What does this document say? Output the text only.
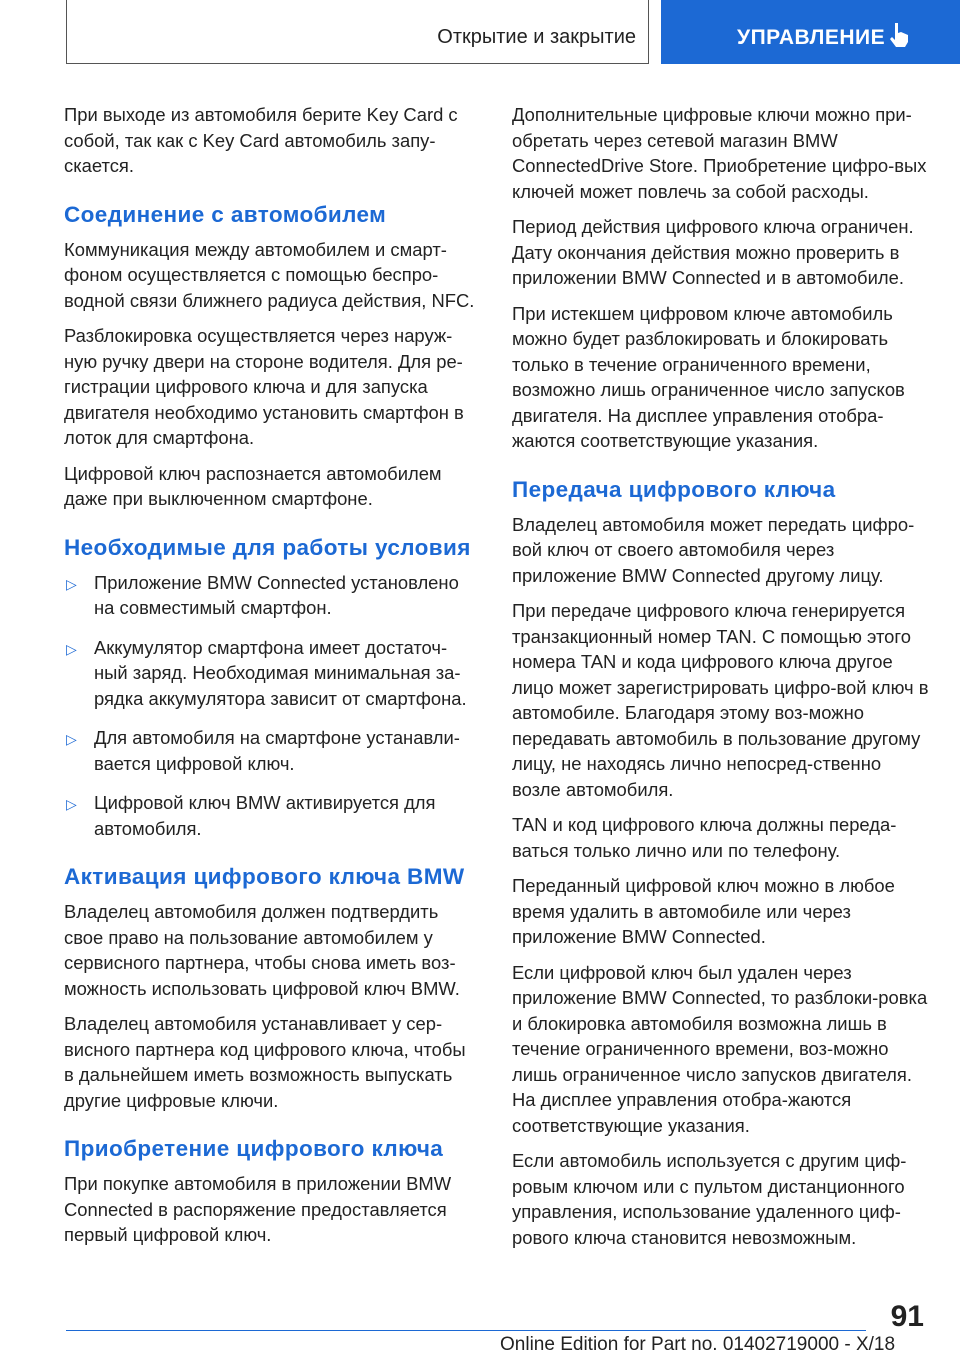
Открытие и закрытие	УПРАВЛЕНИЕ

При выходе из автомобиля берите Key Card с собой, так как с Key Card автомобиль запу-скается.

Соединение с автомобилем

Коммуникация между автомобилем и смарт-фоном осуществляется с помощью беспро-водной связи ближнего радиуса действия, NFC.

Разблокировка осуществляется через наруж-ную ручку двери на стороне водителя. Для ре-гистрации цифрового ключа и для запуска двигателя необходимо установить смартфон в лоток для смартфона.

Цифровой ключ распознается автомобилем даже при выключенном смартфоне.

Необходимые для работы условия
▷ Приложение BMW Connected установлено на совместимый смартфон.
▷ Аккумулятор смартфона имеет достаточ-ный заряд. Необходимая минимальная за-рядка аккумулятора зависит от смартфона.
▷ Для автомобиля на смартфоне устанавли-вается цифровой ключ.
▷ Цифровой ключ BMW активируется для автомобиля.
Активация цифрового ключа BMW

Владелец автомобиля должен подтвердить свое право на пользование автомобилем у сервисного партнера, чтобы снова иметь воз-можность использовать цифровой ключ BMW.

Владелец автомобиля устанавливает у сер-висного партнера код цифрового ключа, чтобы в дальнейшем иметь возможность выпускать другие цифровые ключи.

Приобретение цифрового ключа

При покупке автомобиля в приложении BMW Connected в распоряжение предоставляется первый цифровой ключ.

Дополнительные цифровые ключи можно при-обретать через сетевой магазин BMW ConnectedDrive Store. Приобретение цифро-вых ключей может повлечь за собой расходы.

Период действия цифрового ключа ограничен. Дату окончания действия можно проверить в приложении BMW Connected и в автомобиле.

При истекшем цифровом ключе автомобиль можно будет разблокировать и блокировать только в течение ограниченного времени, возможно лишь ограниченное число запусков двигателя. На дисплее управления отобра-жаются соответствующие указания.

Передача цифрового ключа

Владелец автомобиля может передать цифро-вой ключ от своего автомобиля через приложение BMW Connected другому лицу.

При передаче цифрового ключа генерируется транзакционный номер TAN. С помощью этого номера TAN и кода цифрового ключа другое лицо может зарегистрировать цифро-вой ключ в автомобиле. Благодаря этому воз-можно передавать автомобиль в пользование другому лицу, не находясь лично непосред-ственно возле автомобиля.

TAN и код цифрового ключа должны переда-ваться только лично или по телефону.

Переданный цифровой ключ можно в любое время удалить в автомобиле или через приложение BMW Connected.

Если цифровой ключ был удален через приложение BMW Connected, то разблоки-ровка и блокировка автомобиля возможна лишь в течение ограниченного времени, воз-можно лишь ограниченное число запусков двигателя. На дисплее управления отобра-жаются соответствующие указания.

Если автомобиль используется с другим циф-ровым ключом или с пультом дистанционного управления, использование удаленного циф-рового ключа становится невозможным.

91
Online Edition for Part no. 01402719000 - X/18
